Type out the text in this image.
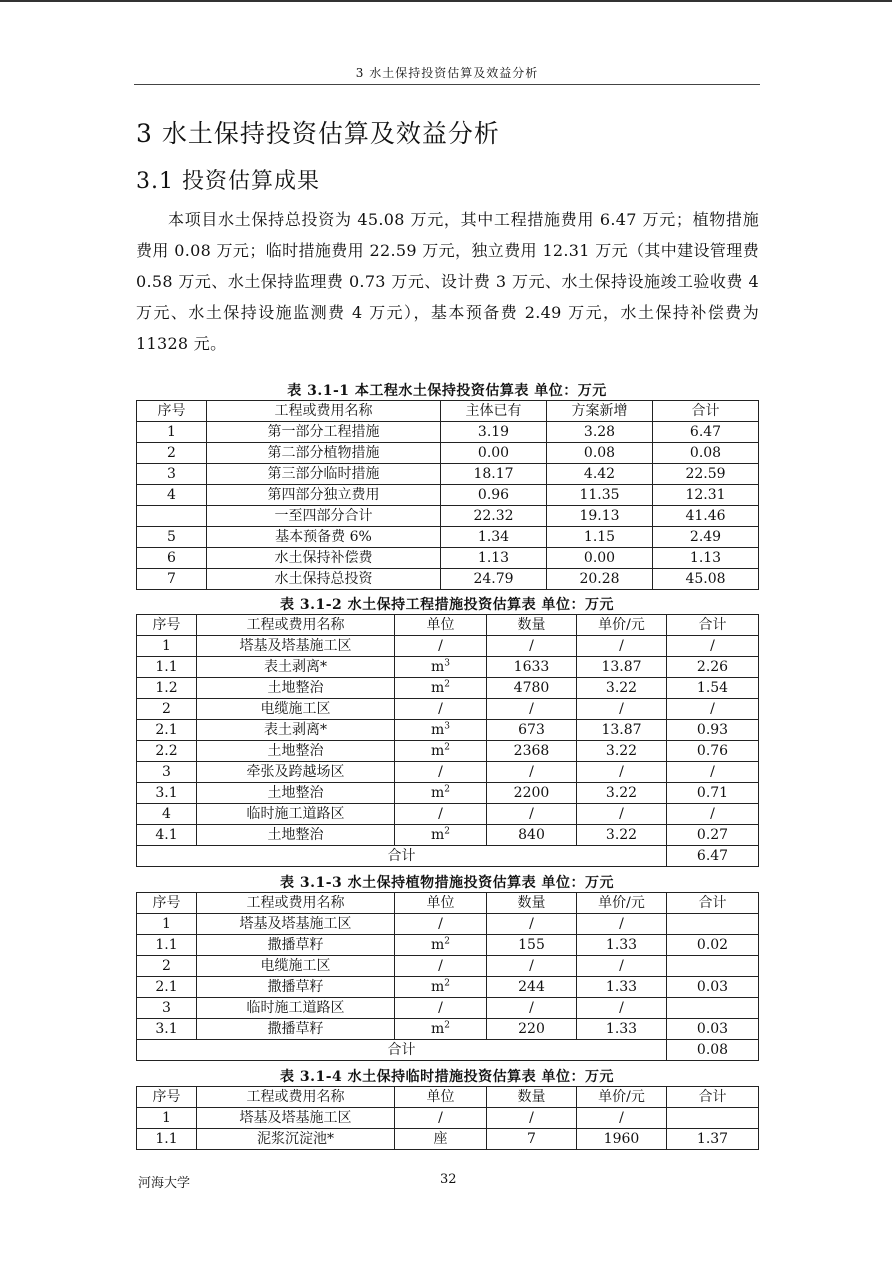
3 水土保持投资估算及效益分析
3 水土保持投资估算及效益分析
3.1 投资估算成果

本项目水土保持总投资为 45.08 万元，其中工程措施费用 6.47 万元；植物措施费用 0.08 万元；临时措施费用 22.59 万元，独立费用 12.31 万元（其中建设管理费 0.58 万元、水土保持监理费 0.73 万元、设计费 3 万元、水土保持设施竣工验收费 4 万元、水土保持设施监测费 4 万元），基本预备费 2.49 万元，水土保持补偿费为 11328 元。

表 3.1-1 本工程水土保持投资估算表 单位：万元
序号	工程或费用名称	主体已有	方案新增	合计
1	第一部分工程措施	3.19	3.28	6.47
2	第二部分植物措施	0.00	0.08	0.08
3	第三部分临时措施	18.17	4.42	22.59
4	第四部分独立费用	0.96	11.35	12.31
	一至四部分合计	22.32	19.13	41.46
5	基本预备费 6%	1.34	1.15	2.49
6	水土保持补偿费	1.13	0.00	1.13
7	水土保持总投资	24.79	20.28	45.08
表 3.1-2 水土保持工程措施投资估算表 单位：万元
序号	工程或费用名称	单位	数量	单价/元	合计
1	塔基及塔基施工区	/	/	/	/
1.1	表土剥离*	$m^3$	1633	13.87	2.26
1.2	土地整治	$m^2$	4780	3.22	1.54
2	电缆施工区	/	/	/	/
2.1	表土剥离*	$m^3$	673	13.87	0.93
2.2	土地整治	$m^2$	2368	3.22	0.76
3	牵张及跨越场区	/	/	/	/
3.1	土地整治	$m^2$	2200	3.22	0.71
4	临时施工道路区	/	/	/	/
4.1	土地整治	$m^2$	840	3.22	0.27
合计					6.47
表 3.1-3 水土保持植物措施投资估算表 单位：万元
序号	工程或费用名称	单位	数量	单价/元	合计
1	塔基及塔基施工区	/	/	/	
1.1	撒播草籽	$m^2$	155	1.33	0.02
2	电缆施工区	/	/	/	
2.1	撒播草籽	$m^2$	244	1.33	0.03
3	临时施工道路区	/	/	/	
3.1	撒播草籽	$m^2$	220	1.33	0.03
合计					0.08
表 3.1-4 水土保持临时措施投资估算表 单位：万元
序号	工程或费用名称	单位	数量	单价/元	合计
1	塔基及塔基施工区	/	/	/	
1.1	泥浆沉淀池*	座	7	1960	1.37
河海大学	32
